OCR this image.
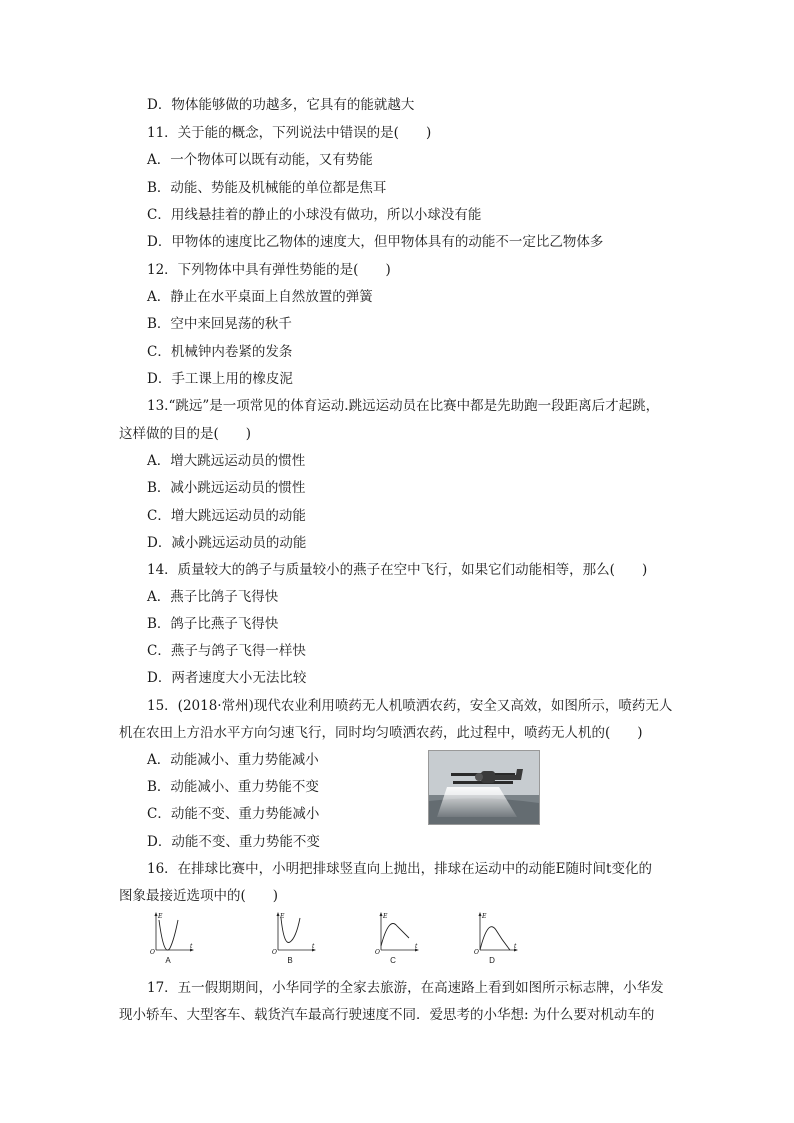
D．物体能够做的功越多，它具有的能就越大
11．关于能的概念，下列说法中错误的是(　　)
A．一个物体可以既有动能，又有势能
B．动能、势能及机械能的单位都是焦耳
C．用线悬挂着的静止的小球没有做功，所以小球没有能
D．甲物体的速度比乙物体的速度大，但甲物体具有的动能不一定比乙物体多
12．下列物体中具有弹性势能的是(　　)
A．静止在水平桌面上自然放置的弹簧
B．空中来回晃荡的秋千
C．机械钟内卷紧的发条
D．手工课上用的橡皮泥
13.“跳远”是一项常见的体育运动.跳远运动员在比赛中都是先助跑一段距离后才起跳，
这样做的目的是(　　)
A．增大跳远运动员的惯性
B．减小跳远运动员的惯性
C．增大跳远运动员的动能
D．减小跳远运动员的动能
14．质量较大的鸽子与质量较小的燕子在空中飞行，如果它们动能相等，那么(　　)
A．燕子比鸽子飞得快
B．鸽子比燕子飞得快
C．燕子与鸽子飞得一样快
D．两者速度大小无法比较
15．(2018·常州)现代农业利用喷药无人机喷洒农药，安全又高效，如图所示，喷药无人
机在农田上方沿水平方向匀速飞行，同时均匀喷洒农药，此过程中，喷药无人机的(　　)
A．动能减小、重力势能减小
B．动能减小、重力势能不变
C．动能不变、重力势能减小
D．动能不变、重力势能不变
16．在排球比赛中，小明把排球竖直向上抛出，排球在运动中的动能E随时间t变化的
图象最接近选项中的(　　)
E
t
O
A
E
t
O
B
E
t
O
C
E
t
O
D
17．五一假期期间，小华同学的全家去旅游，在高速路上看到如图所示标志牌，小华发
现小轿车、大型客车、载货汽车最高行驶速度不同．爱思考的小华想: 为什么要对机动车的
